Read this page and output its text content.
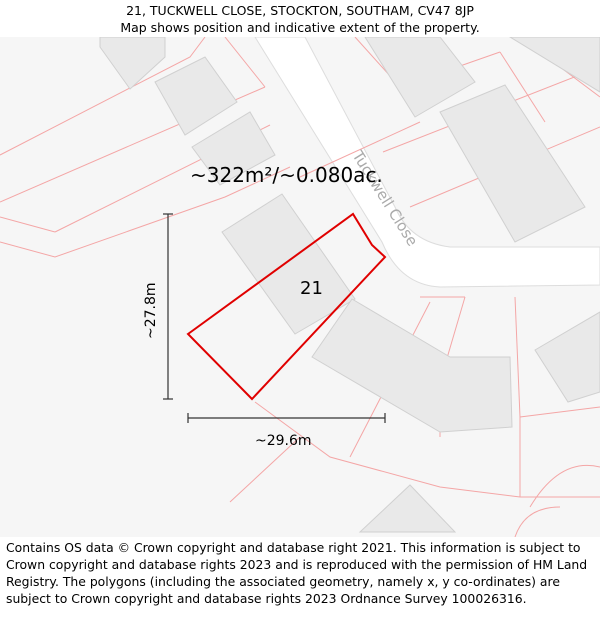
21, TUCKWELL CLOSE, STOCKTON, SOUTHAM, CV47 8JP
Map shows position and indicative extent of the property.
Tuckwell Close
~322m²/~0.080ac.
21
~27.8m
~29.6m
Contains OS data © Crown copyright and database right 2021. This information is subject to Crown copyright and database rights 2023 and is reproduced with the permission of HM Land Registry. The polygons (including the associated geometry, namely x, y co-ordinates) are subject to Crown copyright and database rights 2023 Ordnance Survey 100026316.
